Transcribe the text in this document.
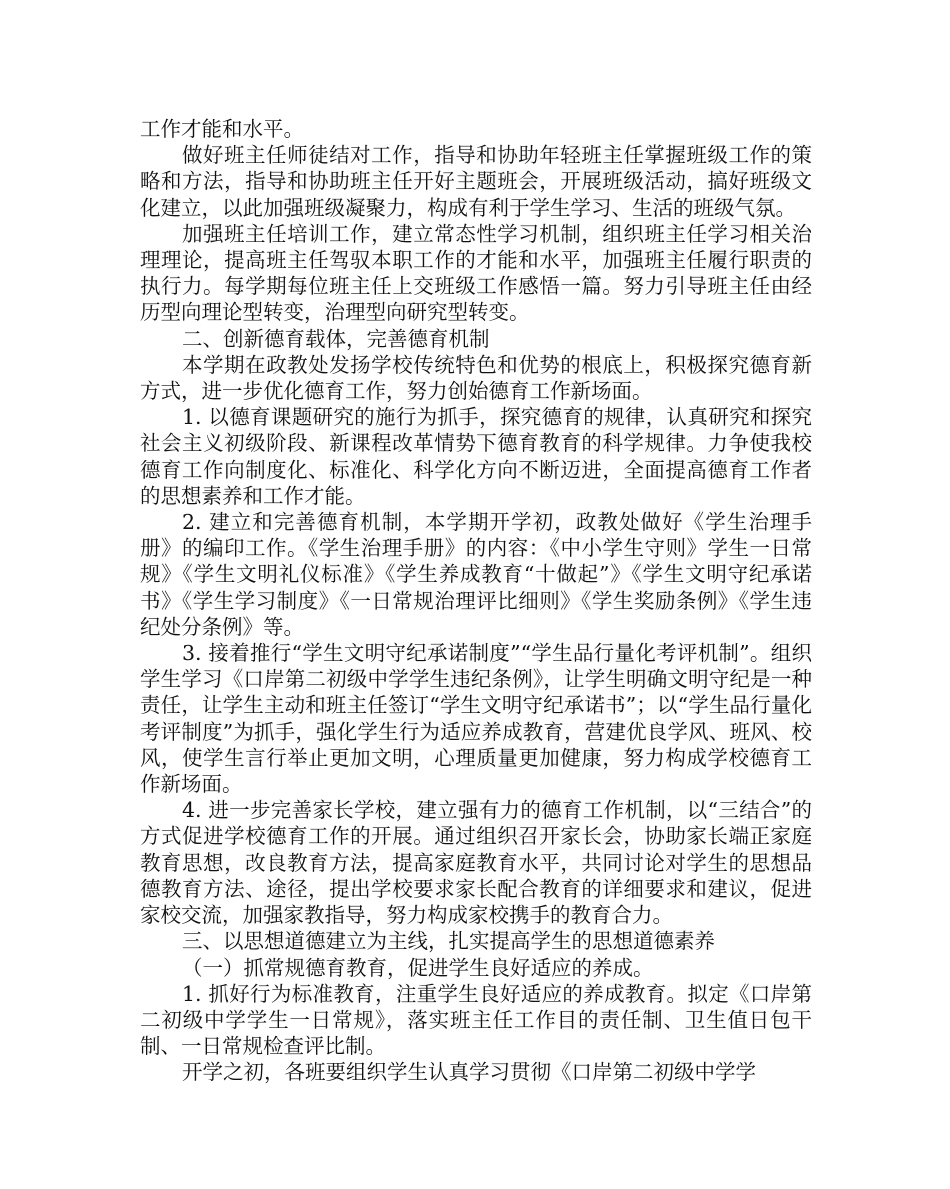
工作才能和水平。

做好班主任师徒结对工作，指导和协助年轻班主任掌握班级工作的策略和方法，指导和协助班主任开好主题班会，开展班级活动，搞好班级文化建立，以此加强班级凝聚力，构成有利于学生学习、生活的班级气氛。

加强班主任培训工作，建立常态性学习机制，组织班主任学习相关治理理论，提高班主任驾驭本职工作的才能和水平，加强班主任履行职责的执行力。每学期每位班主任上交班级工作感悟一篇。努力引导班主任由经历型向理论型转变，治理型向研究型转变。

二、创新德育载体，完善德育机制

本学期在政教处发扬学校传统特色和优势的根底上，积极探究德育新方式，进一步优化德育工作，努力创始德育工作新场面。

1. 以德育课题研究的施行为抓手，探究德育的规律，认真研究和探究社会主义初级阶段、新课程改革情势下德育教育的科学规律。力争使我校德育工作向制度化、标准化、科学化方向不断迈进，全面提高德育工作者的思想素养和工作才能。

2. 建立和完善德育机制，本学期开学初，政教处做好《学生治理手册》的编印工作。《学生治理手册》的内容：《中小学生守则》学生一日常规》《学生文明礼仪标准》《学生养成教育“十做起”》《学生文明守纪承诺书》《学生学习制度》《一日常规治理评比细则》《学生奖励条例》《学生违纪处分条例》等。

3. 接着推行“学生文明守纪承诺制度”“学生品行量化考评机制”。组织学生学习《口岸第二初级中学学生违纪条例》，让学生明确文明守纪是一种责任，让学生主动和班主任签订“学生文明守纪承诺书”；以“学生品行量化考评制度”为抓手，强化学生行为适应养成教育，营建优良学风、班风、校风，使学生言行举止更加文明，心理质量更加健康，努力构成学校德育工作新场面。

4. 进一步完善家长学校，建立强有力的德育工作机制，以“三结合”的方式促进学校德育工作的开展。通过组织召开家长会，协助家长端正家庭教育思想，改良教育方法，提高家庭教育水平，共同讨论对学生的思想品德教育方法、途径，提出学校要求家长配合教育的详细要求和建议，促进家校交流，加强家教指导，努力构成家校携手的教育合力。

三、以思想道德建立为主线，扎实提高学生的思想道德素养

（一）抓常规德育教育，促进学生良好适应的养成。

1. 抓好行为标准教育，注重学生良好适应的养成教育。拟定《口岸第二初级中学学生一日常规》，落实班主任工作目的责任制、卫生值日包干制、一日常规检查评比制。

开学之初，各班要组织学生认真学习贯彻《口岸第二初级中学学
